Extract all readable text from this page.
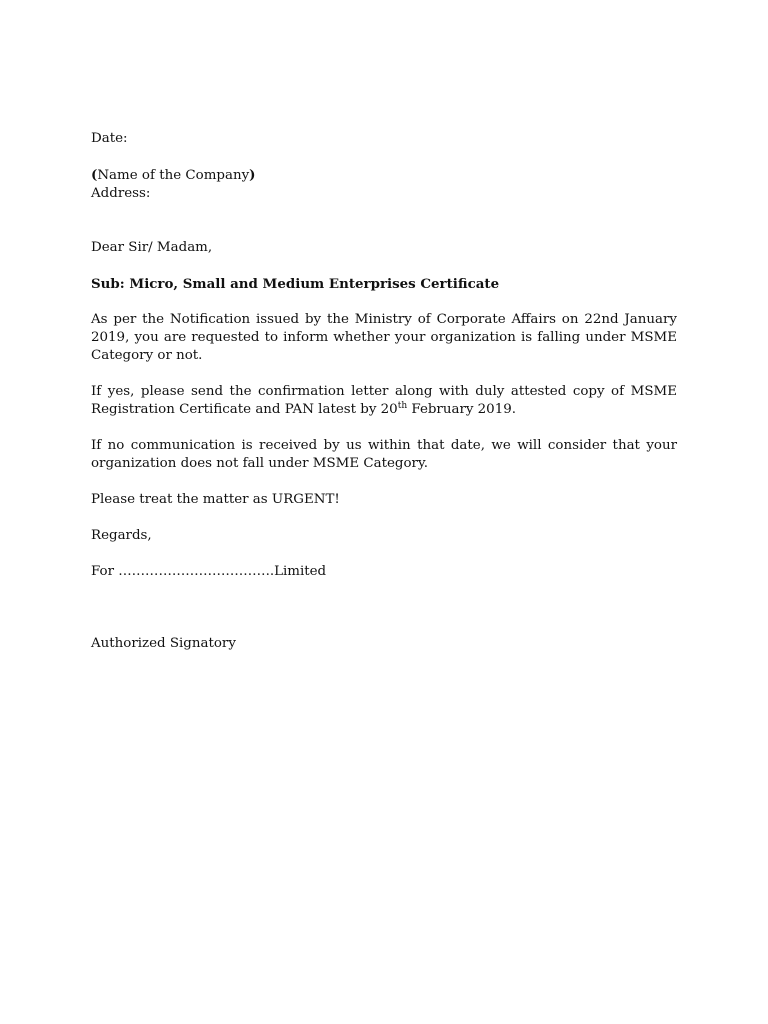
Date:
(Name of the Company)
Address:
Dear Sir/ Madam,
Sub: Micro, Small and Medium Enterprises Certificate

As per the Notification issued by the Ministry of Corporate Affairs on 22nd January 2019, you are requested to inform whether your organization is falling under MSME Category or not.

If yes, please send the confirmation letter along with duly attested copy of MSME Registration Certificate and PAN latest by 20th February 2019.

If no communication is received by us within that date, we will consider that your organization does not fall under MSME Category.

Please treat the matter as URGENT!
Regards,
For ……………………………..Limited
Authorized Signatory
